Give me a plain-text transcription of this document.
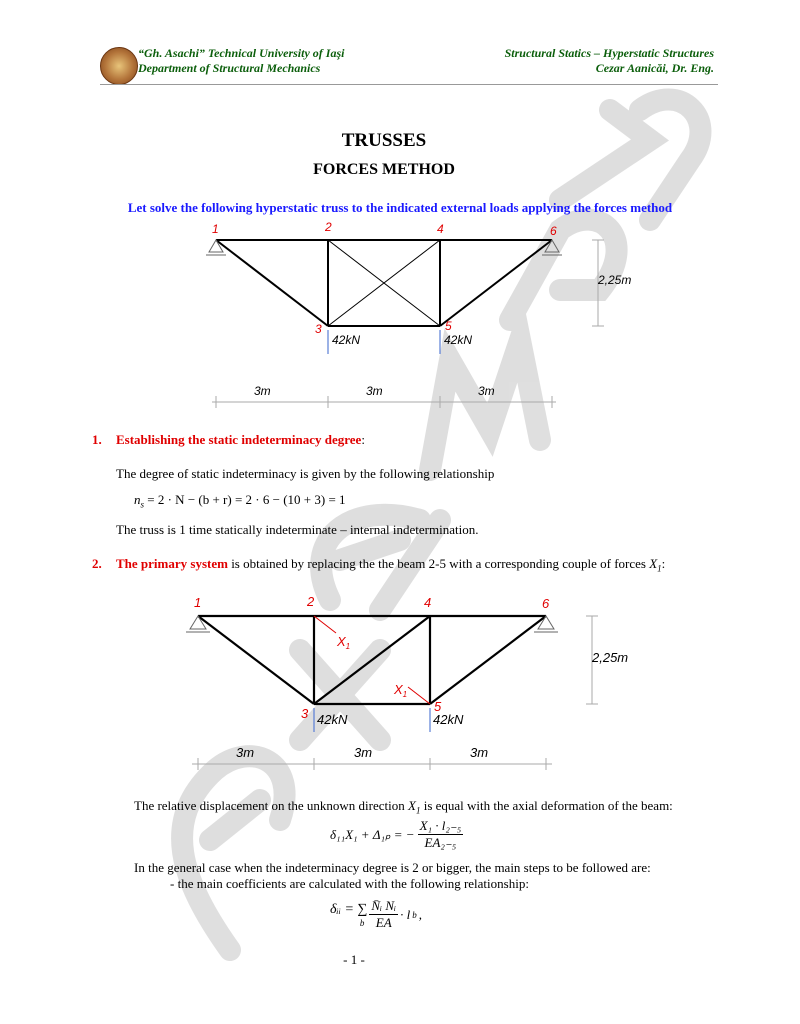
“Gh. Asachi” Technical University of Iaşi
Department of Structural Mechanics
Structural Statics – Hyperstatic Structures
Cezar Aanicăi, Dr. Eng.
TRUSSES
FORCES METHOD
Let solve the following hyperstatic truss to the indicated external loads applying the forces method
1	2	4	6
3	5
42kN	42kN
2,25m
3m	3m	3m
1. Establishing the static indeterminacy degree:
The degree of static indeterminacy is given by the following relationship
$n_s = 2 \cdot N - (b + r) = 2 \cdot 6 - (10 + 3) = 1$
The truss is 1 time statically indeterminate – internal indetermination.
2. The primary system is obtained by replacing the the beam 2-5 with a corresponding couple of forces $X_1$:
1	2	4	6
3	5
$X_1$
$X_1$
42kN	42kN
2,25m
3m	3m	3m
The relative displacement on the unknown direction $X_1$ is equal with the axial deformation of the beam:
δ₁₁X₁ + Δ₁ₚ = − $\frac{\text{X₁ · l₂₋₅}}{\text{EA₂₋₅}}$
In the general case when the indeterminacy degree is 2 or bigger, the main steps to be followed are:
- the main coefficients are calculated with the following relationship:
δᵢᵢ = ∑
b $\frac{\text{N̄ᵢ Nᵢ}}{EA} \cdot l$ b ,
- 1 -
